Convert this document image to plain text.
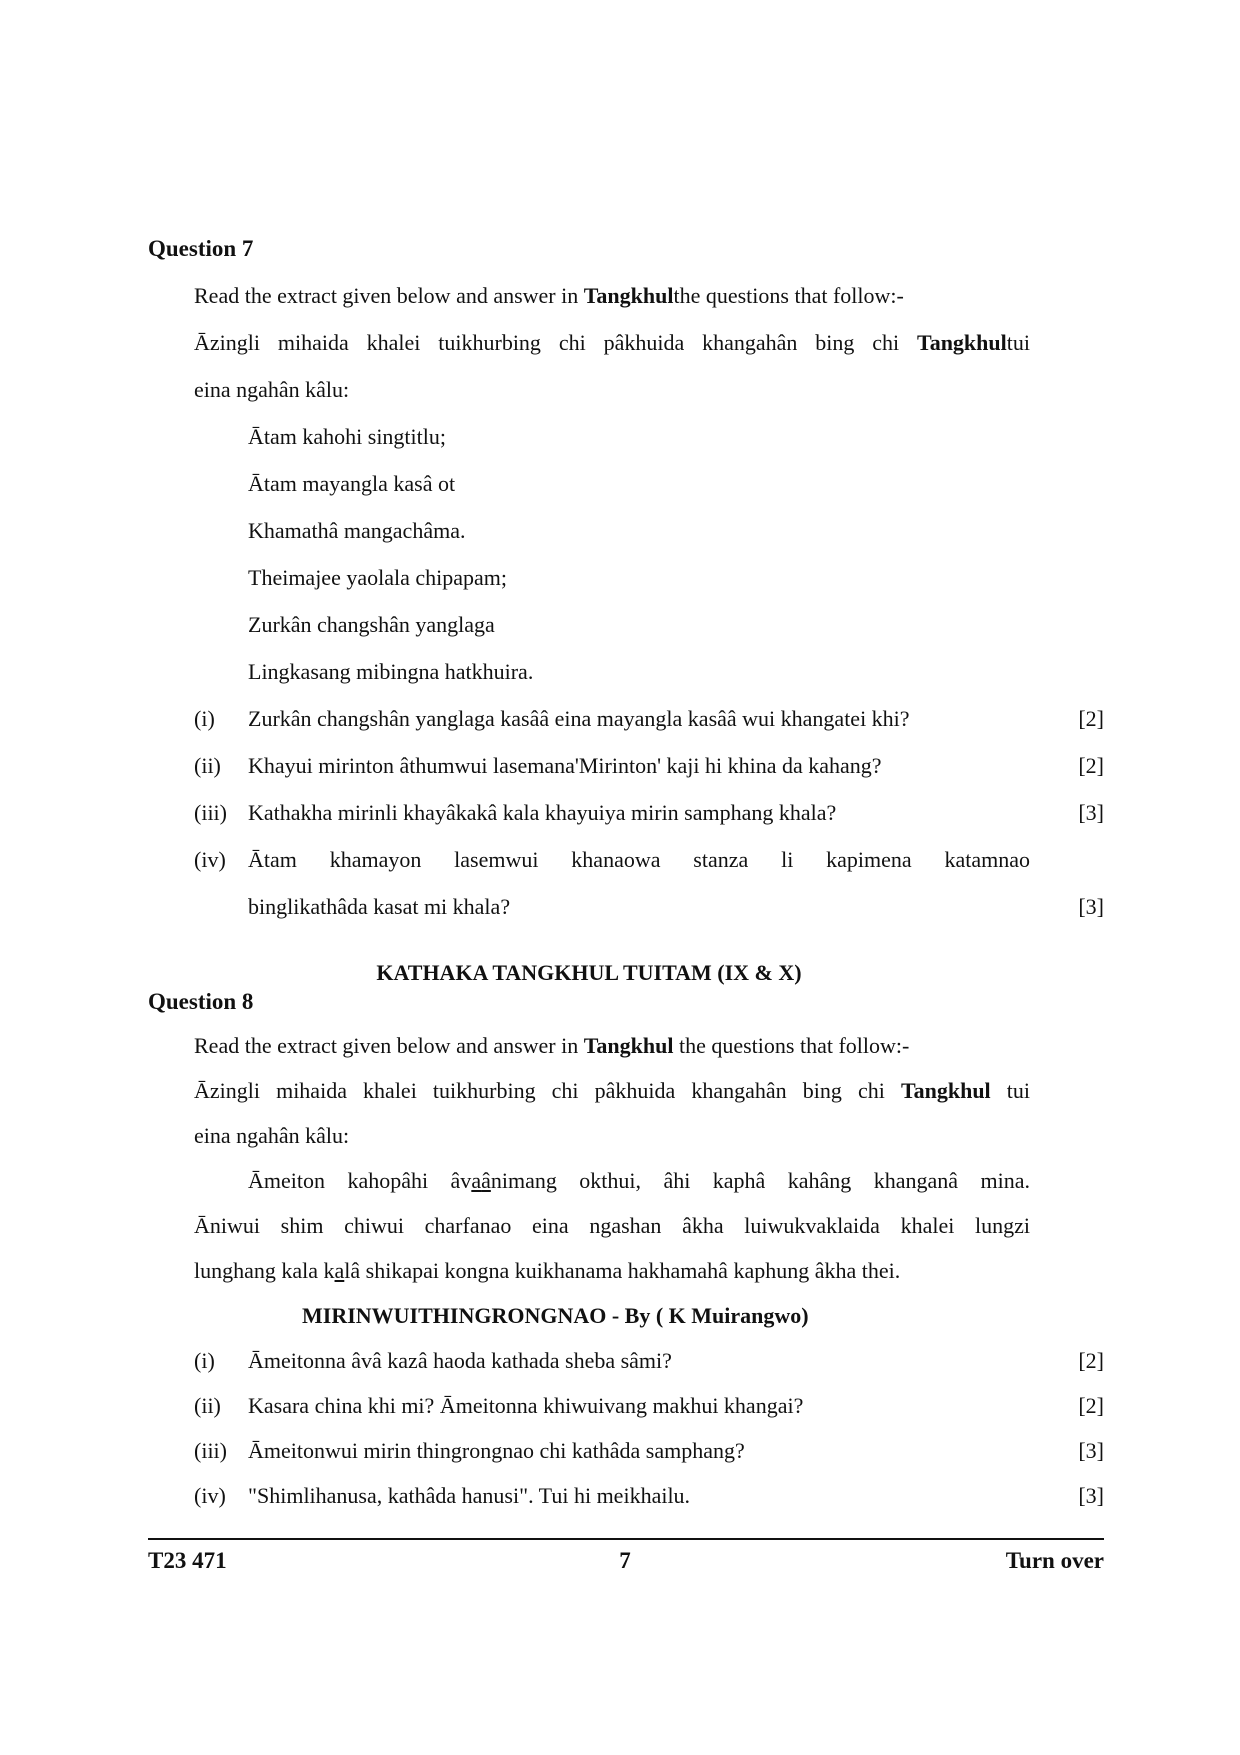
Question 7
Read the extract given below and answer in Tangkhulthe questions that follow:-
Āzingli mihaida khalei tuikhurbing chi pâkhuida khangahân bing chi Tangkhultui
eina ngahân kâlu:
Ātam kahohi singtitlu;
Ātam mayangla kasâ ot
Khamathâ mangachâma.
Theimajee yaolala chipapam;
Zurkân changshân yanglaga
Lingkasang mibingna hatkhuira.
(i) Zurkân changshân yanglaga kasââ eina mayangla kasââ wui khangatei khi?	[2]
(ii) Khayui mirinton âthumwui lasemana'Mirinton' kaji hi khina da kahang?	[2]
(iii) Kathakha mirinli khayâkakâ kala khayuiya mirin samphang khala?	[3]
(iv) Ātam khamayon lasemwui khanaowa stanza li kapimena katamnao
binglikathâda kasat mi khala?	[3]
KATHAKA TANGKHUL TUITAM (IX & X)
Question 8
Read the extract given below and answer in Tangkhul the questions that follow:-
Āzingli mihaida khalei tuikhurbing chi pâkhuida khangahân bing chi Tangkhul tui
eina ngahân kâlu:
Āmeiton kahopâhi âvaânimang okthui, âhi kaphâ kahâng khanganâ mina.
Āniwui shim chiwui charfanao eina ngashan âkha luiwukvaklaida khalei lungzi
lunghang kala kalâ shikapai kongna kuikhanama hakhamahâ kaphung âkha thei.
MIRINWUITHINGRONGNAO - By ( K Muirangwo)
(i) Āmeitonna âvâ kazâ haoda kathada sheba sâmi?	[2]
(ii) Kasara china khi mi? Āmeitonna khiwuivang makhui khangai?	[2]
(iii) Āmeitonwui mirin thingrongnao chi kathâda samphang?	[3]
(iv) "Shimlihanusa, kathâda hanusi". Tui hi meikhailu.	[3]
T23 471	7	Turn over
